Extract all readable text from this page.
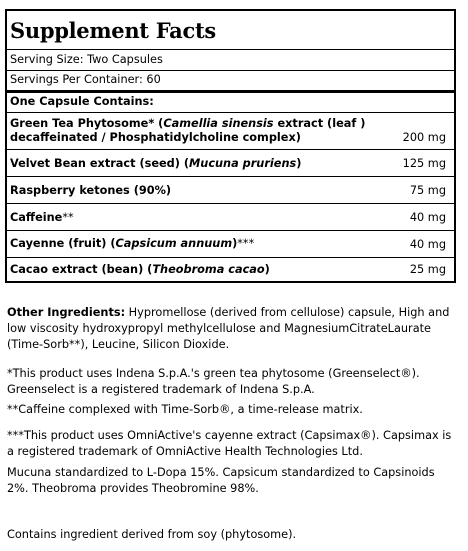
Supplement Facts
Serving Size: Two Capsules
Servings Per Container: 60
One Capsule Contains:
Green Tea Phytosome* (Camellia sinensis extract (leaf )
decaffeinated / Phosphatidylcholine complex)	200 mg
Velvet Bean extract (seed) (Mucuna pruriens)	125 mg
Raspberry ketones (90%)	75 mg
Caffeine**	40 mg
Cayenne (fruit) (Capsicum annuum)***	40 mg
Cacao extract (bean) (Theobroma cacao)	25 mg

Other Ingredients: Hypromellose (derived from cellulose) capsule, High and low viscosity hydroxypropyl methylcellulose and MagnesiumCitrateLaurate (Time-Sorb**), Leucine, Silicon Dioxide.

*This product uses Indena S.p.A.'s green tea phytosome (Greenselect®). Greenselect is a registered trademark of Indena S.p.A.

**Caffeine complexed with Time-Sorb®, a time-release matrix.

***This product uses OmniActive's cayenne extract (Capsimax®). Capsimax is a registered trademark of OmniActive Health Technologies Ltd.

Mucuna standardized to L-Dopa 15%. Capsicum standardized to Capsinoids 2%. Theobroma provides Theobromine 98%.

Contains ingredient derived from soy (phytosome).
